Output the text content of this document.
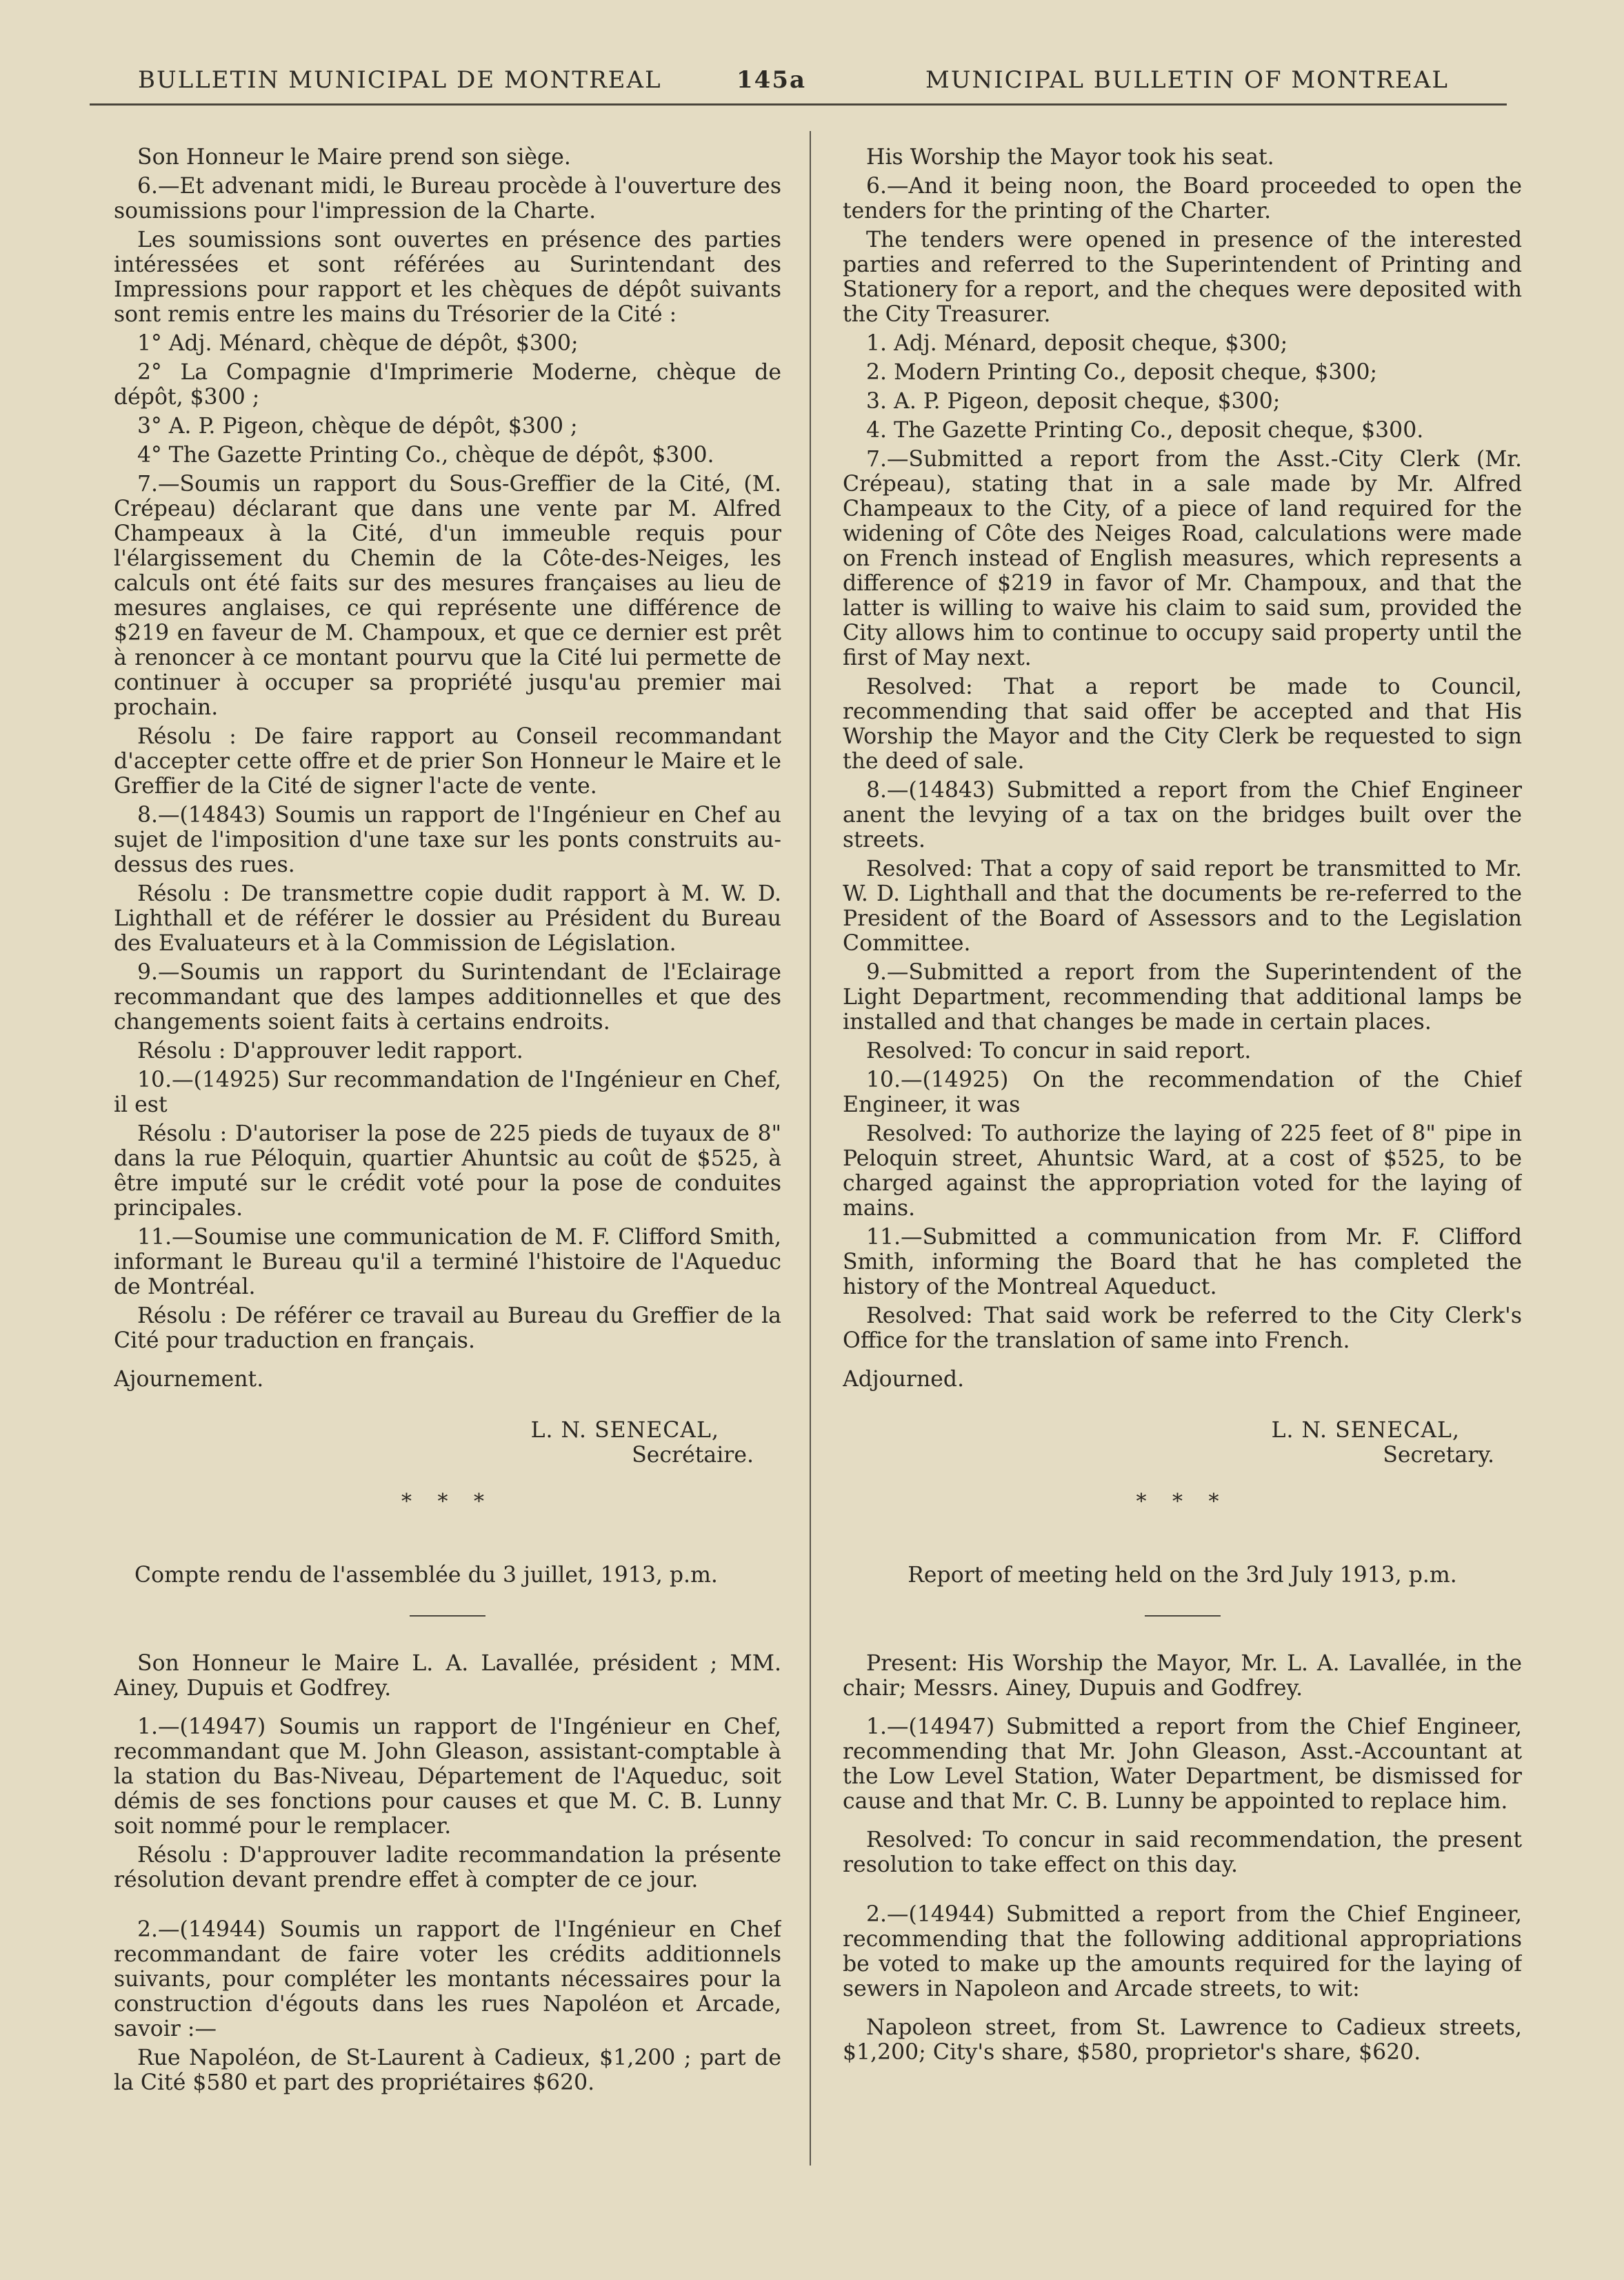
BULLETIN MUNICIPAL DE MONTREAL	145a	MUNICIPAL BULLETIN OF MONTREAL

Son Honneur le Maire prend son siège.

6.—Et advenant midi, le Bureau procède à l'ouverture des soumissions pour l'impression de la Charte.

Les soumissions sont ouvertes en présence des parties intéressées et sont référées au Surintendant des Impressions pour rapport et les chèques de dépôt suivants sont remis entre les mains du Trésorier de la Cité :

1° Adj. Ménard, chèque de dépôt, $300;

2° La Compagnie d'Imprimerie Moderne, chèque de dépôt, $300 ;

3° A. P. Pigeon, chèque de dépôt, $300 ;

4° The Gazette Printing Co., chèque de dépôt, $300.

7.—Soumis un rapport du Sous-Greffier de la Cité, (M. Crépeau) déclarant que dans une vente par M. Alfred Champeaux à la Cité, d'un immeuble requis pour l'élargissement du Chemin de la Côte-des-Neiges, les calculs ont été faits sur des mesures françaises au lieu de mesures anglaises, ce qui représente une différence de $219 en faveur de M. Champoux, et que ce dernier est prêt à renoncer à ce montant pourvu que la Cité lui permette de continuer à occuper sa propriété jusqu'au premier mai prochain.

Résolu : De faire rapport au Conseil recommandant d'accepter cette offre et de prier Son Honneur le Maire et le Greffier de la Cité de signer l'acte de vente.

8.—(14843) Soumis un rapport de l'Ingénieur en Chef au sujet de l'imposition d'une taxe sur les ponts construits au-dessus des rues.

Résolu : De transmettre copie dudit rapport à M. W. D. Lighthall et de référer le dossier au Président du Bureau des Evaluateurs et à la Commission de Législation.

9.—Soumis un rapport du Surintendant de l'Eclairage recommandant que des lampes additionnelles et que des changements soient faits à certains endroits.

Résolu : D'approuver ledit rapport.

10.—(14925) Sur recommandation de l'Ingénieur en Chef, il est

Résolu : D'autoriser la pose de 225 pieds de tuyaux de 8" dans la rue Péloquin, quartier Ahuntsic au coût de $525, à être imputé sur le crédit voté pour la pose de conduites principales.

11.—Soumise une communication de M. F. Clifford Smith, informant le Bureau qu'il a terminé l'histoire de l'Aqueduc de Montréal.

Résolu : De référer ce travail au Bureau du Greffier de la Cité pour traduction en français.

Ajournement.

L. N. SENECAL,

Secrétaire.

* * *

Compte rendu de l'assemblée du 3 juillet, 1913, p.m.

Son Honneur le Maire L. A. Lavallée, président ; MM. Ainey, Dupuis et Godfrey.

1.—(14947) Soumis un rapport de l'Ingénieur en Chef, recommandant que M. John Gleason, assistant-comptable à la station du Bas-Niveau, Département de l'Aqueduc, soit démis de ses fonctions pour causes et que M. C. B. Lunny soit nommé pour le remplacer.

Résolu : D'approuver ladite recommandation la présente résolution devant prendre effet à compter de ce jour.

2.—(14944) Soumis un rapport de l'Ingénieur en Chef recommandant de faire voter les crédits additionnels suivants, pour compléter les montants nécessaires pour la construction d'égouts dans les rues Napoléon et Arcade, savoir :—

Rue Napoléon, de St-Laurent à Cadieux, $1,200 ; part de la Cité $580 et part des propriétaires $620.

His Worship the Mayor took his seat.

6.—And it being noon, the Board proceeded to open the tenders for the printing of the Charter.

The tenders were opened in presence of the interested parties and referred to the Superintendent of Printing and Stationery for a report, and the cheques were deposited with the City Treasurer.

1. Adj. Ménard, deposit cheque, $300;

2. Modern Printing Co., deposit cheque, $300;

3. A. P. Pigeon, deposit cheque, $300;

4. The Gazette Printing Co., deposit cheque, $300.

7.—Submitted a report from the Asst.-City Clerk (Mr. Crépeau), stating that in a sale made by Mr. Alfred Champeaux to the City, of a piece of land required for the widening of Côte des Neiges Road, calculations were made on French instead of English measures, which represents a difference of $219 in favor of Mr. Champoux, and that the latter is willing to waive his claim to said sum, provided the City allows him to continue to occupy said property until the first of May next.

Resolved: That a report be made to Council, recommending that said offer be accepted and that His Worship the Mayor and the City Clerk be requested to sign the deed of sale.

8.—(14843) Submitted a report from the Chief Engineer anent the levying of a tax on the bridges built over the streets.

Resolved: That a copy of said report be transmitted to Mr. W. D. Lighthall and that the documents be re-referred to the President of the Board of Assessors and to the Legislation Committee.

9.—Submitted a report from the Superintendent of the Light Department, recommending that additional lamps be installed and that changes be made in certain places.

Resolved: To concur in said report.

10.—(14925) On the recommendation of the Chief Engineer, it was

Resolved: To authorize the laying of 225 feet of 8" pipe in Peloquin street, Ahuntsic Ward, at a cost of $525, to be charged against the appropriation voted for the laying of mains.

11.—Submitted a communication from Mr. F. Clifford Smith, informing the Board that he has completed the history of the Montreal Aqueduct.

Resolved: That said work be referred to the City Clerk's Office for the translation of same into French.

Adjourned.

L. N. SENECAL,

Secretary.

* * *

Report of meeting held on the 3rd July 1913, p.m.

Present: His Worship the Mayor, Mr. L. A. Lavallée, in the chair; Messrs. Ainey, Dupuis and Godfrey.

1.—(14947) Submitted a report from the Chief Engineer, recommending that Mr. John Gleason, Asst.-Accountant at the Low Level Station, Water Department, be dismissed for cause and that Mr. C. B. Lunny be appointed to replace him.

Resolved: To concur in said recommendation, the present resolution to take effect on this day.

2.—(14944) Submitted a report from the Chief Engineer, recommending that the following additional appropriations be voted to make up the amounts required for the laying of sewers in Napoleon and Arcade streets, to wit:

Napoleon street, from St. Lawrence to Cadieux streets, $1,200; City's share, $580, proprietor's share, $620.
